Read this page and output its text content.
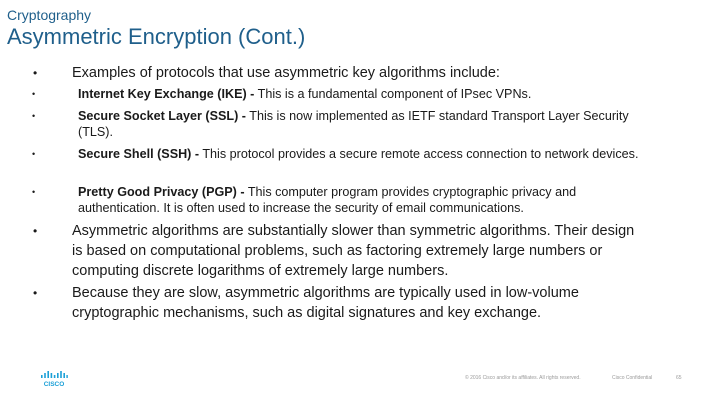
Cryptography
Asymmetric Encryption (Cont.)
• Examples of protocols that use asymmetric key algorithms include:
•	Internet Key Exchange (IKE) - This is a fundamental component of IPsec VPNs.
•	Secure Socket Layer (SSL) - This is now implemented as IETF standard Transport Layer Security (TLS).
•	Secure Shell (SSH) - This protocol provides a secure remote access connection to network devices.
•	Pretty Good Privacy (PGP) - This computer program provides cryptographic privacy and authentication. It is often used to increase the security of email communications.
• Asymmetric algorithms are substantially slower than symmetric algorithms. Their design is based on computational problems, such as factoring extremely large numbers or computing discrete logarithms of extremely large numbers.
• Because they are slow, asymmetric algorithms are typically used in low-volume cryptographic mechanisms, such as digital signatures and key exchange.
CISCO
© 2016 Cisco and/or its affiliates. All rights reserved.	Cisco Confidential	65
